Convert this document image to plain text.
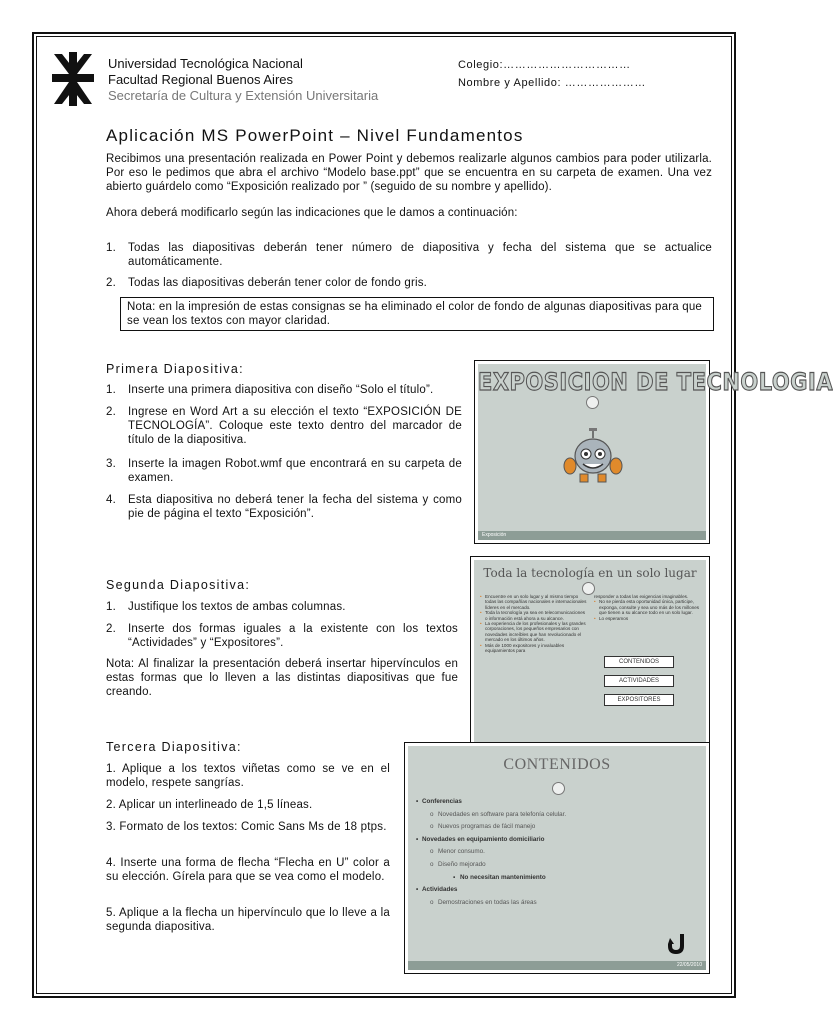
Universidad Tecnológica Nacional
Facultad Regional Buenos Aires
Secretaría de Cultura y Extensión Universitaria
Colegio:……………………………
Nombre y Apellido: …………………
Aplicación MS PowerPoint – Nivel Fundamentos
Recibimos una presentación realizada en Power Point y debemos realizarle algunos cambios para poder utilizarla. Por eso le pedimos que abra el archivo “Modelo base.ppt” que se encuentra en su carpeta de examen. Una vez abierto guárdelo como “Exposición realizado por ” (seguido de su nombre y apellido).
Ahora deberá modificarlo según las indicaciones que le damos a continuación:
1. Todas las diapositivas deberán tener número de diapositiva y fecha del sistema que se actualice automáticamente.
2. Todas las diapositivas deberán tener color de fondo gris.
Nota: en la impresión de estas consignas se ha eliminado el color de fondo de algunas diapositivas para que se vean los textos con mayor claridad.
Primera Diapositiva:
1. Inserte una primera diapositiva con diseño “Solo el título”.
2. Ingrese en Word Art a su elección el texto “EXPOSICIÓN DE TECNOLOGÍA”. Coloque este texto dentro del marcador de título de la diapositiva.
3. Inserte la imagen Robot.wmf que encontrará en su carpeta de examen.
4. Esta diapositiva no deberá tener la fecha del sistema y como pie de página el texto “Exposición”.
EXPOSICION DE TECNOLOGIA
Exposición
Segunda Diapositiva:
1. Justifique los textos de ambas columnas.
2. Inserte dos formas iguales a la existente con los textos “Actividades” y “Expositores”.
Nota: Al finalizar la presentación deberá insertar hipervínculos en estas formas que lo lleven a las distintas diapositivas que fue creando.
Toda la tecnología en un solo lugar
• Encuentre en un solo lugar y al mismo tiempo todas las compañías nacionales e internacionales líderes en el mercado.
• Toda la tecnología ya sea en telecomunicaciones o información está ahora a su alcance.
• La experiencia de los profesionales y las grandes corporaciones, los pequeños empresarios con novedades increíbles que han revolucionado el mercado en los últimos años.
• Más de 1000 expositores y invaluables equipamientos para
responder a todas las exigencias imaginables.
• No se pierda esta oportunidad única, participe, exponga, consulte y sea uno más de los millones que tienen a su alcance todo en un solo lugar.
• Lo esperamos
CONTENIDOS
ACTIVIDADES
EXPOSITORES
Tercera Diapositiva:
1. Aplique a los textos viñetas como se ve en el modelo, respete sangrías.
2. Aplicar un interlineado de 1,5 líneas.
3. Formato de los textos: Comic Sans Ms de 18 ptps.
4. Inserte una forma de flecha “Flecha en U” color a su elección. Gírela para que se vea como el modelo.
5. Aplique a la flecha un hipervínculo que lo lleve a la segunda diapositiva.
CONTENIDOS
• Conferencias
o Novedades en software para telefonía celular.
o Nuevos programas de fácil manejo
• Novedades en equipamiento domiciliario
o Menor consumo.
o Diseño mejorado
▪ No necesitan mantenimiento
• Actividades
o Demostraciones en todas las áreas
22/05/2010
